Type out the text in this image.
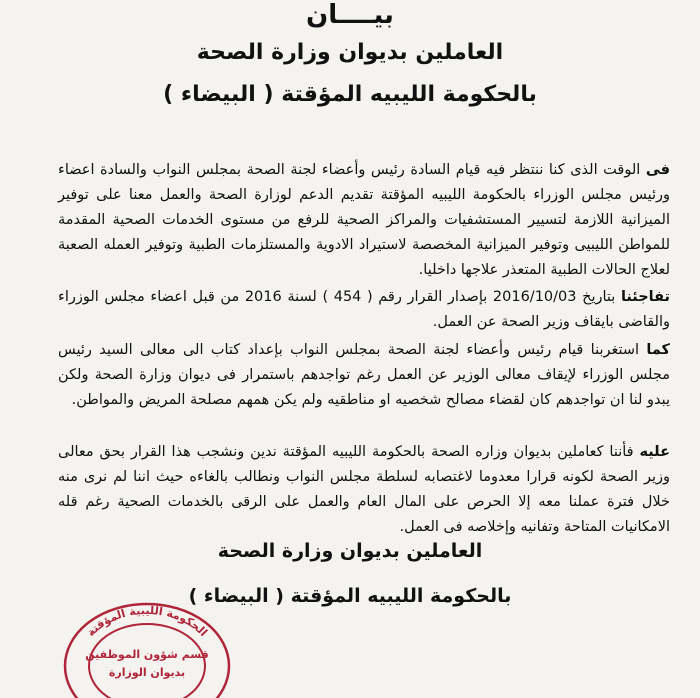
بيــــان
العاملين بديوان وزارة الصحة
بالحكومة الليبيه المؤقتة ( البيضاء )
فى الوقت الذى كنا ننتظر فيه قيام السادة رئيس وأعضاء لجنة الصحة بمجلس النواب والسادة اعضاء ورئيس مجلس الوزراء بالحكومة الليبيه المؤقتة تقديم الدعم لوزارة الصحة والعمل معنا على توفير الميزانية اللازمة لتسيير المستشفيات والمراكز الصحية للرفع من مستوى الخدمات الصحية المقدمة للمواطن الليبيى وتوفير الميزانية المخصصة لاستيراد الادوية والمستلزمات الطبية وتوفير العمله الصعبة لعلاج الحالات الطبية المتعذر علاجها داخليا.
تفاجئنا بتاريخ 2016/10/03 بإصدار القرار رقم ( 454 ) لسنة 2016 من قبل اعضاء مجلس الوزراء والقاضى بايقاف وزير الصحة عن العمل.
كما استغربنا قيام رئيس وأعضاء لجنة الصحة بمجلس النواب بإعداد كتاب الى معالى السيد رئيس مجلس الوزراء لإيقاف معالى الوزير عن العمل رغم تواجدهم باستمرار فى ديوان وزارة الصحة ولكن يبدو لنا ان تواجدهم كان لقضاء مصالح شخصيه او مناطقيه ولم يكن همهم مصلحة المريض والمواطن.
عليه فأننا كعاملين بديوان وزاره الصحة بالحكومة الليبيه المؤقتة ندين ونشجب هذا القرار بحق معالى وزير الصحة لكونه قرارا معدوما لاغتصابه لسلطة مجلس النواب ونطالب بالغاءه حيث اننا لم نرى منه خلال فترة عملنا معه إلا الحرص على المال العام والعمل على الرقى بالخدمات الصحية رغم قله الامكانيات المتاحة وتفانيه وإخلاصه فى العمل.
العاملين بديوان وزارة الصحة
بالحكومة الليبيه المؤقتة ( البيضاء )
الحكومة الليبية المؤقتة
قسم شؤون الموظفين
بديوان الوزارة
